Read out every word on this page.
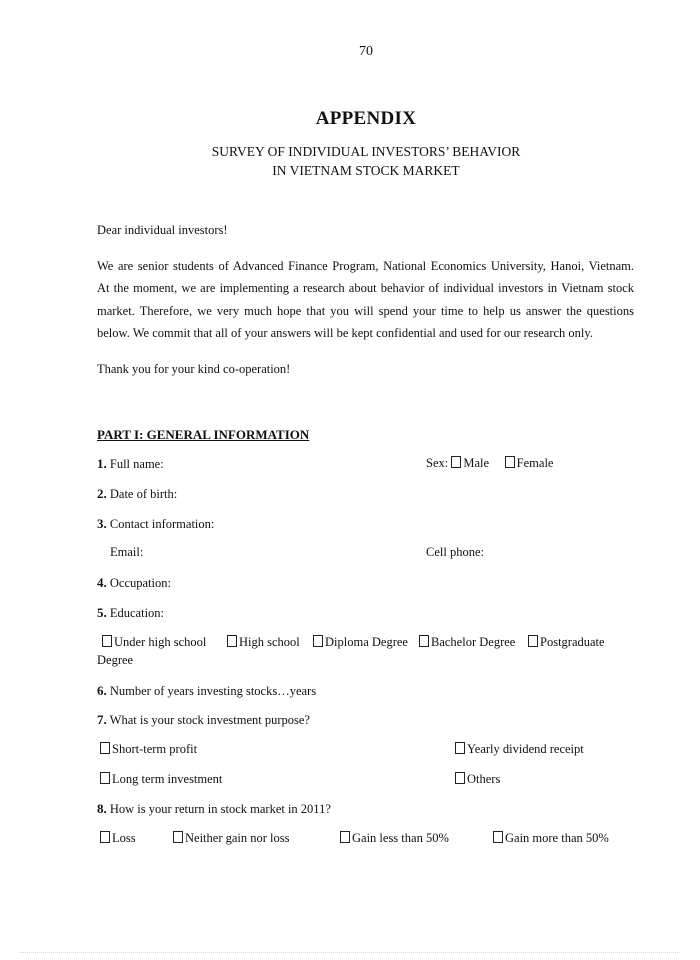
70
APPENDIX
SURVEY OF INDIVIDUAL INVESTORS’ BEHAVIOR
IN VIETNAM STOCK MARKET
Dear individual investors!
We are senior students of Advanced Finance Program, National Economics University, Hanoi, Vietnam.
At the moment, we are implementing a research about behavior of individual investors in Vietnam stock
market. Therefore, we very much hope that you will spend your time to help us answer the questions
below. We commit that all of your answers will be kept confidential and used for our research only.
Thank you for your kind co-operation!
PART I: GENERAL INFORMATION
1. Full name:	Sex: Male Female
2. Date of birth:
3. Contact information:
Email:	Cell phone:
4. Occupation:
5. Education:
Under high school	High school	Diploma Degree	Bachelor Degree	Postgraduate
Degree
6. Number of years investing stocks…years
7. What is your stock investment purpose?
Short-term profit	Yearly dividend receipt
Long term investment	Others
8. How is your return in stock market in 2011?
Loss	Neither gain nor loss	Gain less than 50%	Gain more than 50%
